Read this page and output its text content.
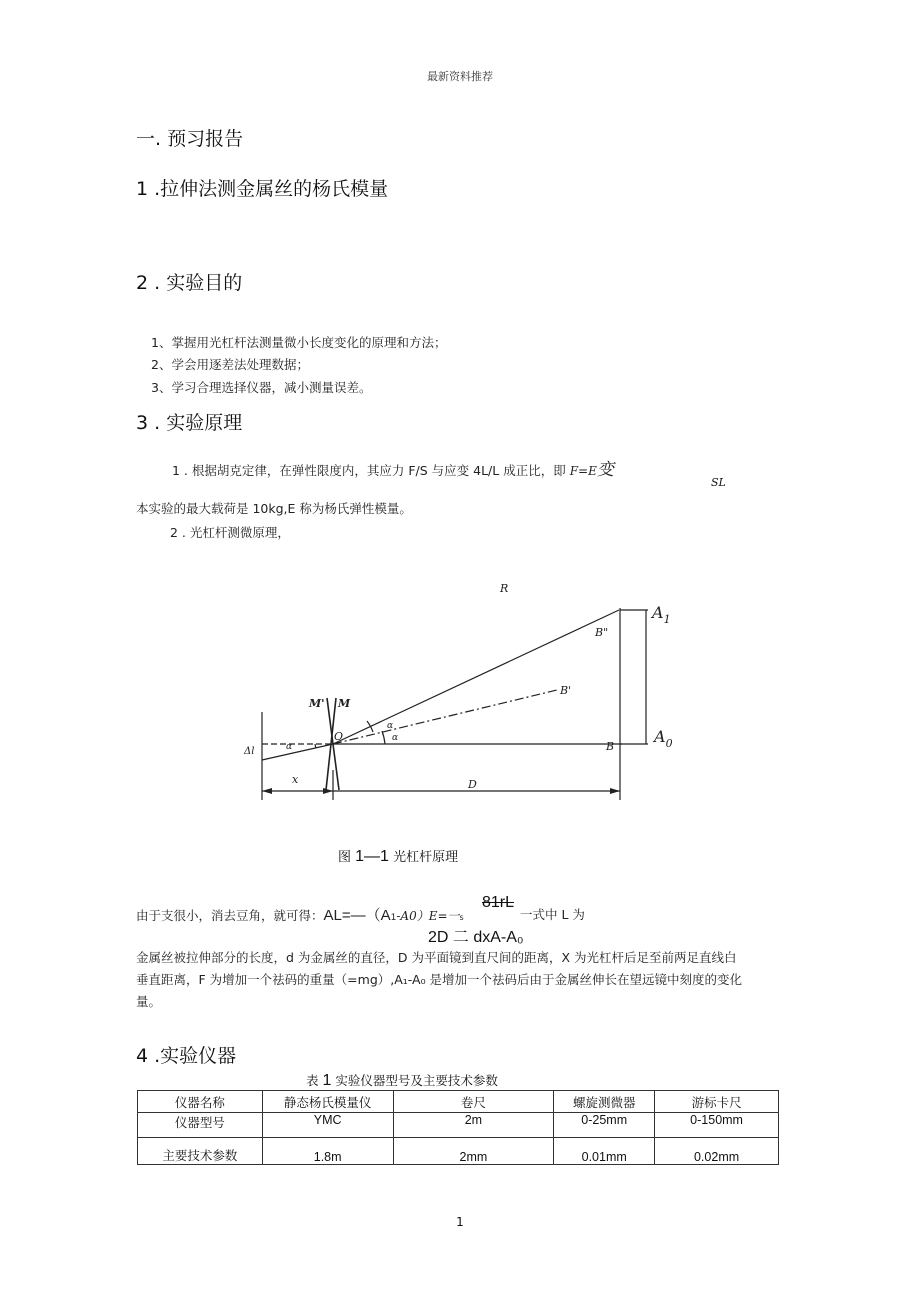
最新资料推荐
一. 预习报告
1 .拉伸法测金属丝的杨氏模量
2 . 实验目的
1、掌握用光杠杆法测量微小长度变化的原理和方法；
2、学会用逐差法处理数据；
3、学习合理选择仪器，减小测量误差。
3 . 实验原理
1 . 根据胡克定律，在弹性限度内，其应力 F/S 与应变 4L/L 成正比，即 F=E变
SL
本实验的最大载荷是 10kg,E 称为杨氏弹性模量。
2 . 光杠杆测微原理，
R
$A_1$
$A_0$
B"
B'
B
M' M
O
α
α
α
Δl
x	D
图 1—1 光杠杆原理
由于支很小，消去豆角，就可得：AL=—（A1-A0）E=一s
81rL
一式中 L 为
2D 二 dxA-A₀
金属丝被拉伸部分的长度，d 为金属丝的直径，D 为平面镜到直尺间的距离，X 为光杠杆后足至前两足直线白
垂直距离，F 为增加一个祛码的重量（=mg）,A₁-A₀ 是增加一个祛码后由于金属丝伸长在望远镜中刻度的变化
量。
4 .实验仪器
表 1 实验仪器型号及主要技术参数
仪器名称	静态杨氏模量仪	卷尺	螺旋测微器	游标卡尺
仪器型号	YMC	2m	0-25mm	0-150mm
主要技术参数	1.8m	2mm	0.01mm	0.02mm
1
